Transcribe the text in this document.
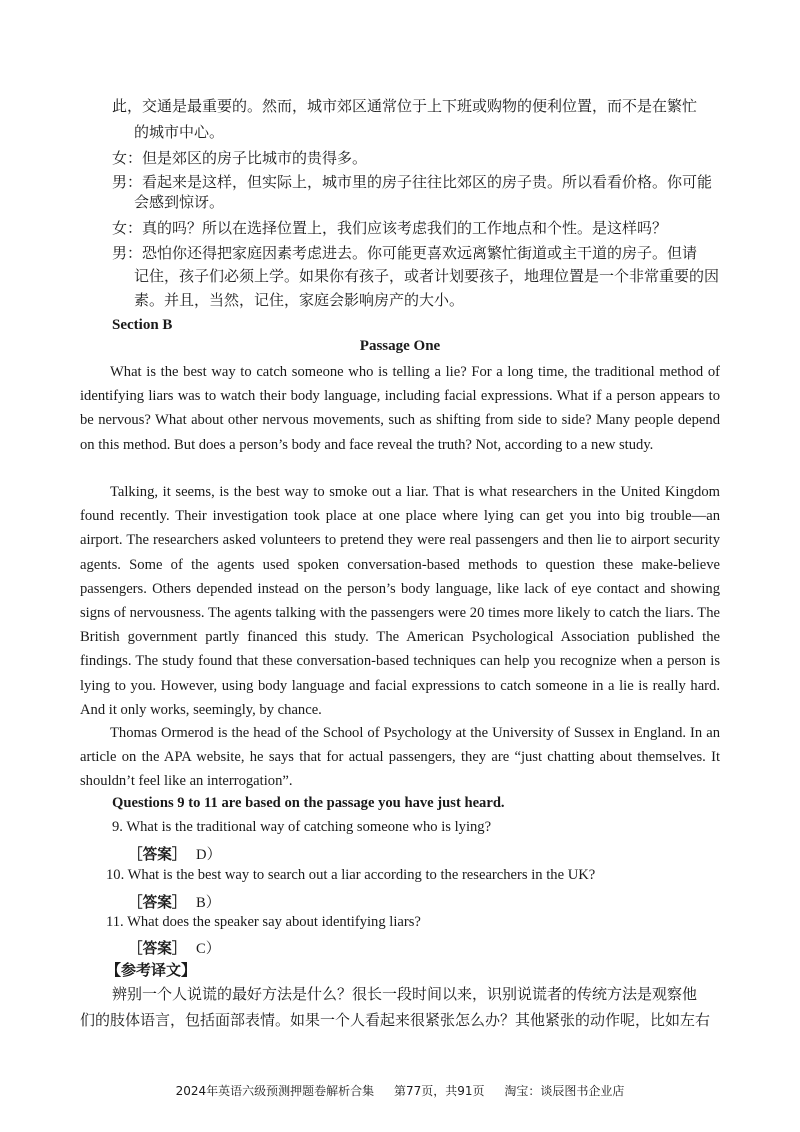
此，交通是最重要的。然而，城市郊区通常位于上下班或购物的便利位置，而不是在繁忙
的城市中心。
女：但是郊区的房子比城市的贵得多。
男：看起来是这样，但实际上，城市里的房子往往比郊区的房子贵。所以看看价格。你可能
会感到惊讶。
女：真的吗？所以在选择位置上，我们应该考虑我们的工作地点和个性。是这样吗？
男：恐怕你还得把家庭因素考虑进去。你可能更喜欢远离繁忙街道或主干道的房子。但请
记住，孩子们必须上学。如果你有孩子，或者计划要孩子，地理位置是一个非常重要的因
素。并且，当然，记住，家庭会影响房产的大小。
Section B
Passage One
What is the best way to catch someone who is telling a lie? For a long time, the traditional method of identifying liars was to watch their body language, including facial expressions. What if a person appears to be nervous? What about other nervous movements, such as shifting from side to side? Many people depend on this method. But does a person’s body and face reveal the truth? Not, according to a new study.
Talking, it seems, is the best way to smoke out a liar. That is what researchers in the United Kingdom found recently. Their investigation took place at one place where lying can get you into big trouble—an airport. The researchers asked volunteers to pretend they were real passengers and then lie to airport security agents. Some of the agents used spoken conversation-based methods to question these make-believe passengers. Others depended instead on the person’s body language, like lack of eye contact and showing signs of nervousness. The agents talking with the passengers were 20 times more likely to catch the liars. The British government partly financed this study. The American Psychological Association published the findings. The study found that these conversation-based techniques can help you recognize when a person is lying to you. However, using body language and facial expressions to catch someone in a lie is really hard. And it only works, seemingly, by chance.
Thomas Ormerod is the head of the School of Psychology at the University of Sussex in England. In an article on the APA website, he says that for actual passengers, they are “just chatting about themselves. It shouldn’t feel like an interrogation”.
Questions 9 to 11 are based on the passage you have just heard.
9. What is the traditional way of catching someone who is lying?
［答案］ D）
10. What is the best way to search out a liar according to the researchers in the UK?
［答案］ B）
11. What does the speaker say about identifying liars?
［答案］ C）
【参考译文】
辨别一个人说谎的最好方法是什么？很长一段时间以来，识别说谎者的传统方法是观察他
们的肢体语言，包括面部表情。如果一个人看起来很紧张怎么办？其他紧张的动作呢，比如左右
2024年英语六级预测押题卷解析合集 第77页，共91页 淘宝：谈辰图书企业店
